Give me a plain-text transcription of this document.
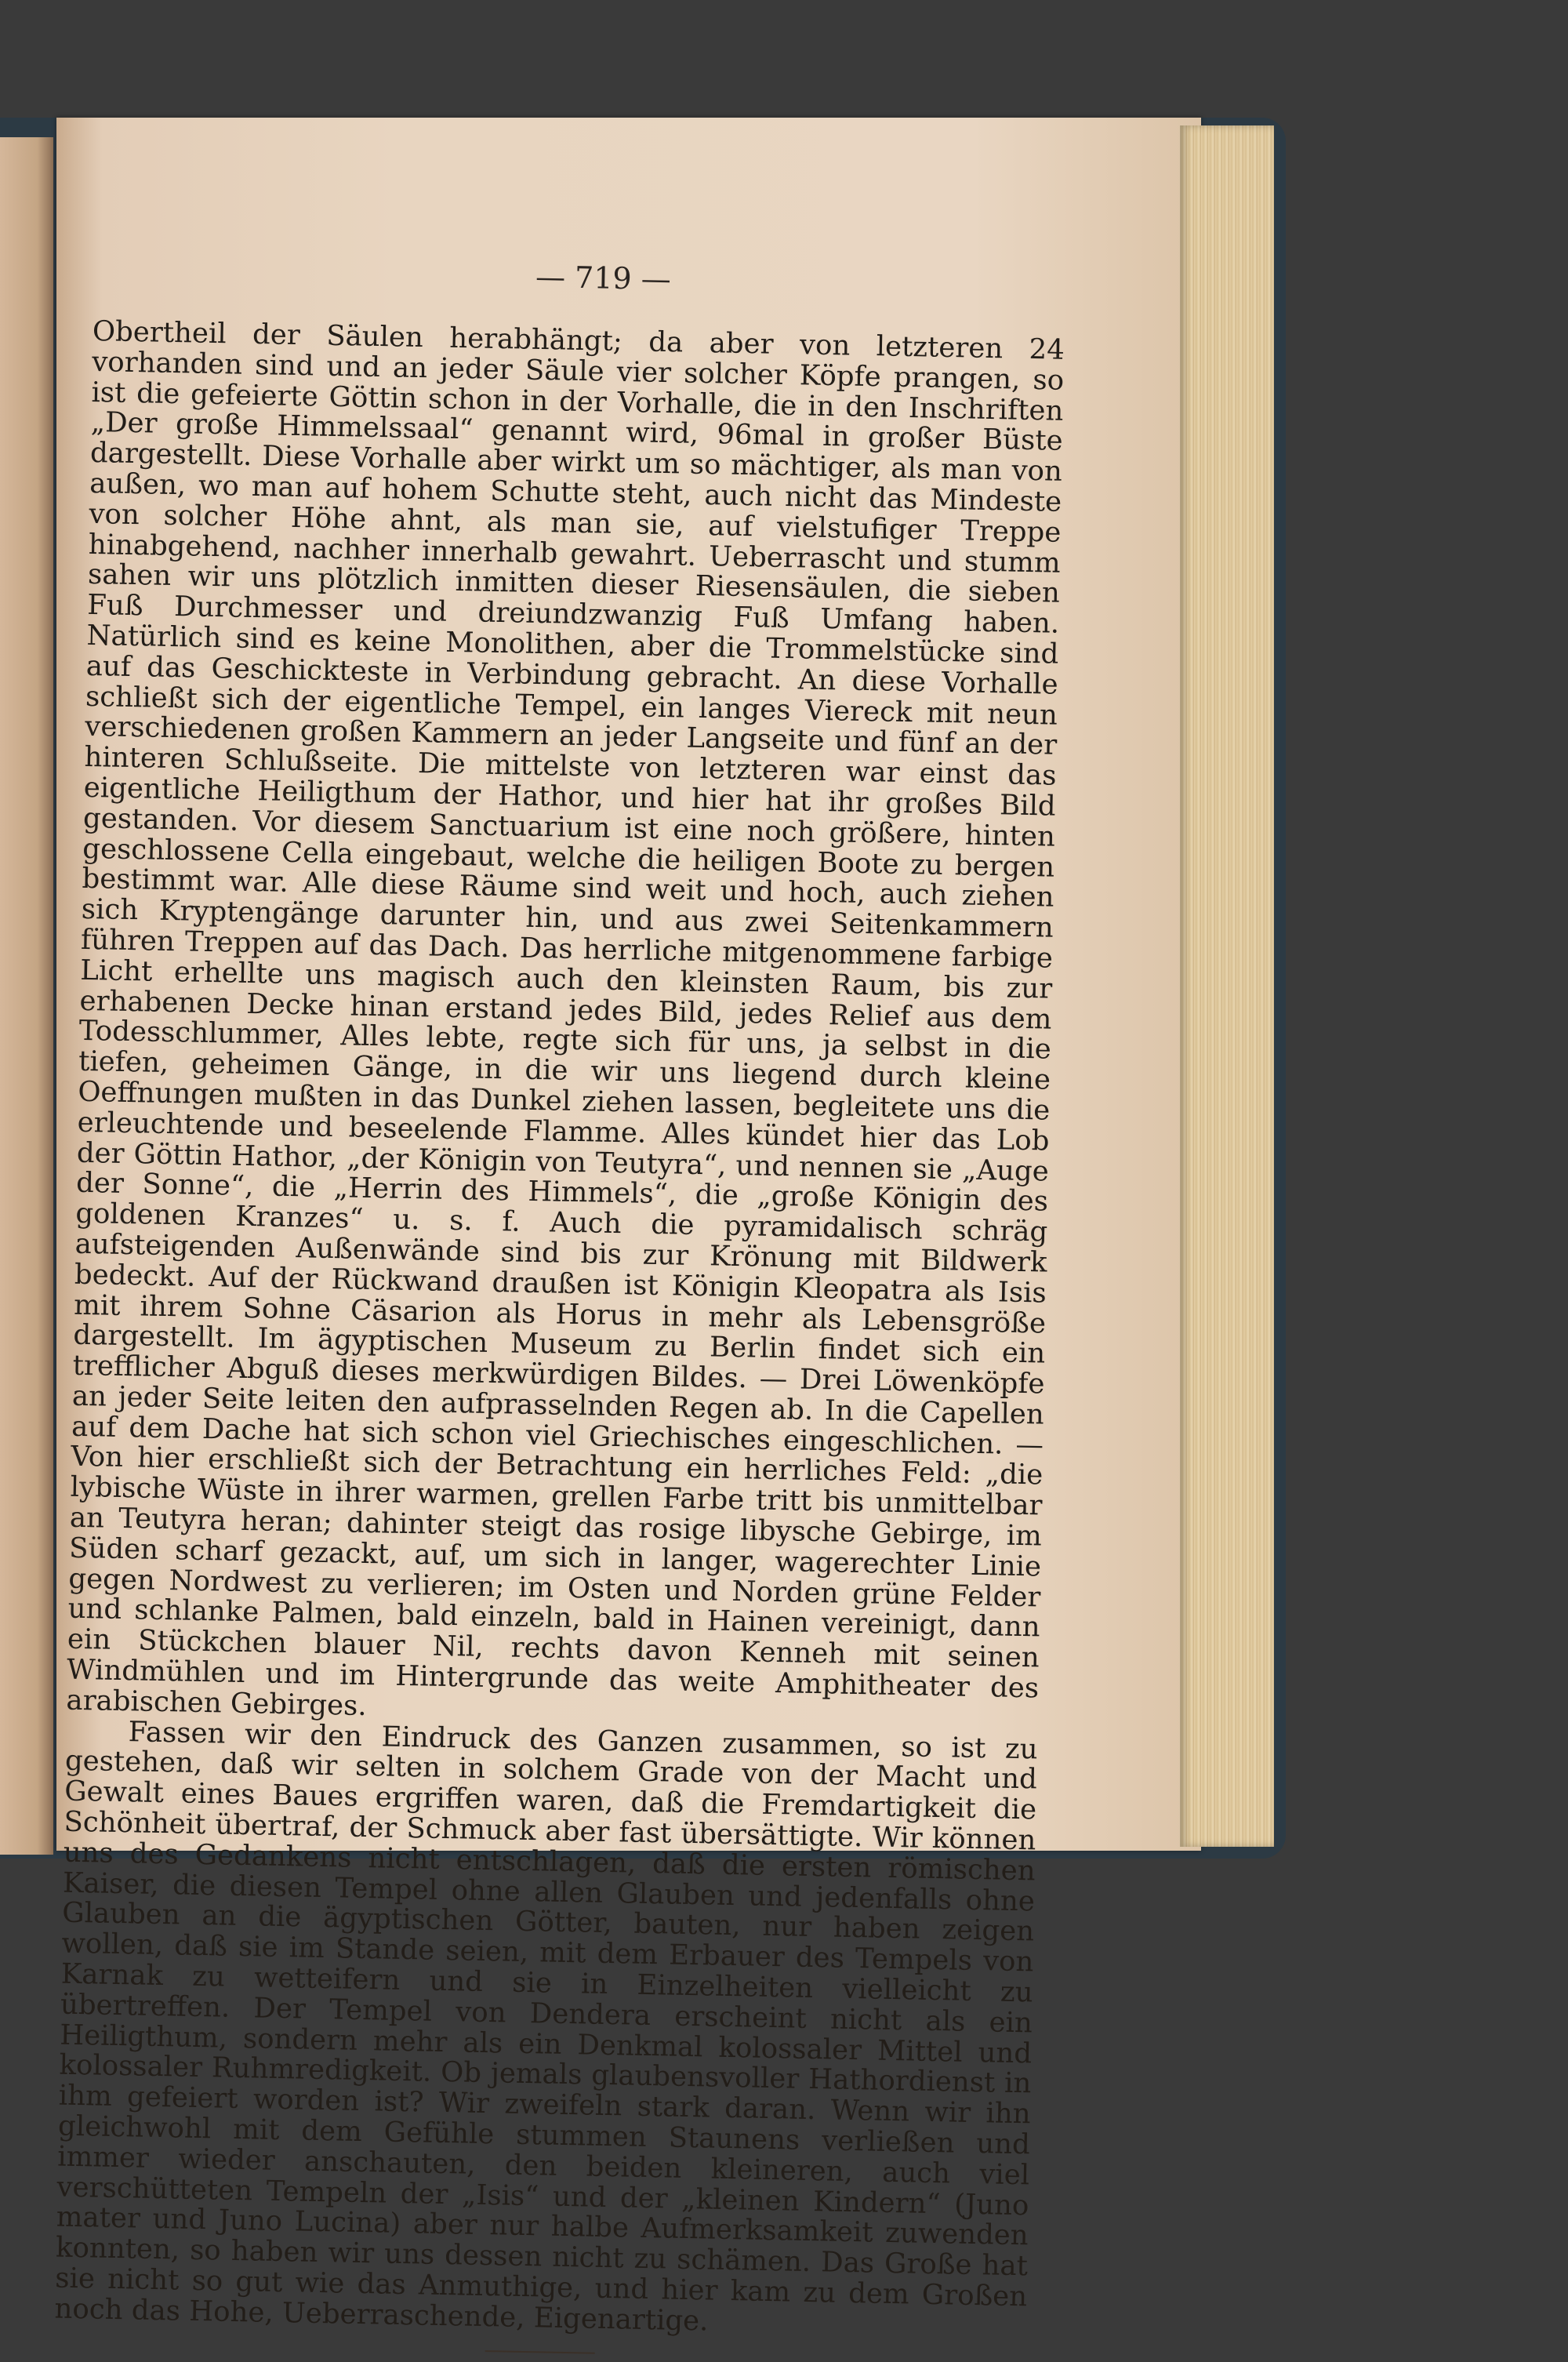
— 719 —

Obertheil der Säulen herabhängt; da aber von letzteren 24 vorhanden sind und an jeder Säule vier solcher Köpfe prangen, so ist die gefeierte Göttin schon in der Vorhalle, die in den Inschriften „Der große Himmelssaal“ genannt wird, 96mal in großer Büste dargestellt. Diese Vorhalle aber wirkt um so mächtiger, als man von außen, wo man auf hohem Schutte steht, auch nicht das Mindeste von solcher Höhe ahnt, als man sie, auf vielstufiger Treppe hinabgehend, nachher innerhalb gewahrt. Ueberrascht und stumm sahen wir uns plötzlich inmitten dieser Riesensäulen, die sieben Fuß Durchmesser und dreiundzwanzig Fuß Umfang haben. Natürlich sind es keine Monolithen, aber die Trommelstücke sind auf das Geschickteste in Verbindung gebracht. An diese Vorhalle schließt sich der eigentliche Tempel, ein langes Viereck mit neun verschiedenen großen Kammern an jeder Langseite und fünf an der hinteren Schlußseite. Die mittelste von letzteren war einst das eigentliche Heiligthum der Hathor, und hier hat ihr großes Bild gestanden. Vor diesem Sanctuarium ist eine noch größere, hinten geschlossene Cella eingebaut, welche die heiligen Boote zu bergen bestimmt war. Alle diese Räume sind weit und hoch, auch ziehen sich Kryptengänge darunter hin, und aus zwei Seitenkammern führen Treppen auf das Dach. Das herrliche mitgenommene farbige Licht erhellte uns magisch auch den kleinsten Raum, bis zur erhabenen Decke hinan erstand jedes Bild, jedes Relief aus dem Todesschlummer, Alles lebte, regte sich für uns, ja selbst in die tiefen, geheimen Gänge, in die wir uns liegend durch kleine Oeffnungen mußten in das Dunkel ziehen lassen, begleitete uns die erleuchtende und beseelende Flamme. Alles kündet hier das Lob der Göttin Hathor, „der Königin von Teutyra“, und nennen sie „Auge der Sonne“, die „Herrin des Himmels“, die „große Königin des goldenen Kranzes“ u. s. f. Auch die pyramidalisch schräg aufsteigenden Außenwände sind bis zur Krönung mit Bildwerk bedeckt. Auf der Rückwand draußen ist Königin Kleopatra als Isis mit ihrem Sohne Cäsarion als Horus in mehr als Lebensgröße dargestellt. Im ägyptischen Museum zu Berlin findet sich ein trefflicher Abguß dieses merkwürdigen Bildes. — Drei Löwenköpfe an jeder Seite leiten den aufprasselnden Regen ab. In die Capellen auf dem Dache hat sich schon viel Griechisches eingeschlichen. — Von hier erschließt sich der Betrachtung ein herrliches Feld: „die lybische Wüste in ihrer warmen, grellen Farbe tritt bis unmittelbar an Teutyra heran; dahinter steigt das rosige libysche Gebirge, im Süden scharf gezackt, auf, um sich in langer, wagerechter Linie gegen Nordwest zu verlieren; im Osten und Norden grüne Felder und schlanke Palmen, bald einzeln, bald in Hainen vereinigt, dann ein Stückchen blauer Nil, rechts davon Kenneh mit seinen Windmühlen und im Hintergrunde das weite Amphitheater des arabischen Gebirges.

Fassen wir den Eindruck des Ganzen zusammen, so ist zu gestehen, daß wir selten in solchem Grade von der Macht und Gewalt eines Baues ergriffen waren, daß die Fremdartigkeit die Schönheit übertraf, der Schmuck aber fast übersättigte. Wir können uns des Gedankens nicht entschlagen, daß die ersten römischen Kaiser, die diesen Tempel ohne allen Glauben und jedenfalls ohne Glauben an die ägyptischen Götter, bauten, nur haben zeigen wollen, daß sie im Stande seien, mit dem Erbauer des Tempels von Karnak zu wetteifern und sie in Einzelheiten vielleicht zu übertreffen. Der Tempel von Dendera erscheint nicht als ein Heiligthum, sondern mehr als ein Denkmal kolossaler Mittel und kolossaler Ruhmredigkeit. Ob jemals glaubensvoller Hathordienst in ihm gefeiert worden ist? Wir zweifeln stark daran. Wenn wir ihn gleichwohl mit dem Gefühle stummen Staunens verließen und immer wieder anschauten, den beiden kleineren, auch viel verschütteten Tempeln der „Isis“ und der „kleinen Kindern“ (Juno mater und Juno Lucina) aber nur halbe Aufmerksamkeit zuwenden konnten, so haben wir uns dessen nicht zu schämen. Das Große hat sie nicht so gut wie das Anmuthige, und hier kam zu dem Großen noch das Hohe, Ueberraschende, Eigenartige.
